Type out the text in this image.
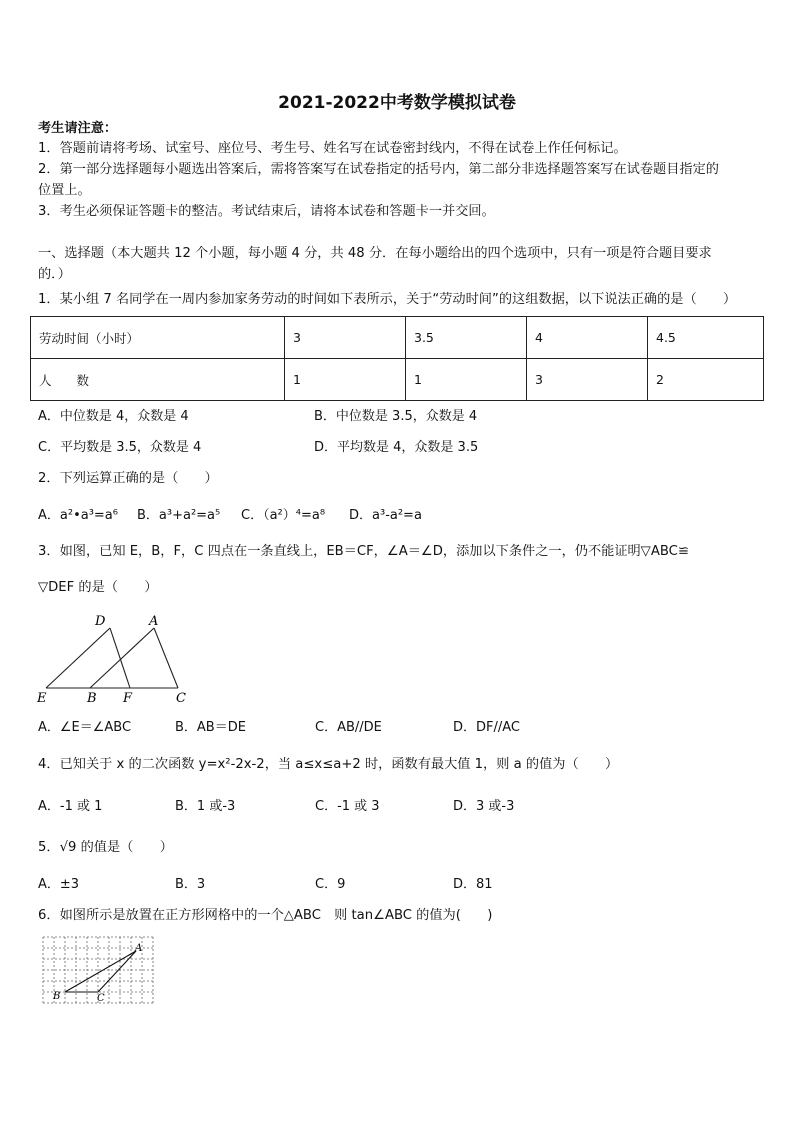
2021-2022中考数学模拟试卷
考生请注意：
1．答题前请将考场、试室号、座位号、考生号、姓名写在试卷密封线内，不得在试卷上作任何标记。
2．第一部分选择题每小题选出答案后，需将答案写在试卷指定的括号内，第二部分非选择题答案写在试卷题目指定的
位置上。
3．考生必须保证答题卡的整洁。考试结束后，请将本试卷和答题卡一并交回。
一、选择题（本大题共 12 个小题，每小题 4 分，共 48 分．在每小题给出的四个选项中，只有一项是符合题目要求
的．）
1．某小组 7 名同学在一周内参加家务劳动的时间如下表所示，关于“劳动时间”的这组数据，以下说法正确的是（　　）
劳动时间（小时）	3	3.5	4	4.5
人　　数	1	1	3	2
A．中位数是 4，众数是 4	B．中位数是 3.5，众数是 4
C．平均数是 3.5，众数是 4	D．平均数是 4，众数是 3.5
2．下列运算正确的是（　　）
A．a²•a³=a⁶ B．a³+a²=a⁵ C．（a²）⁴=a⁸ D．a³-a²=a
3．如图，已知 E，B，F，C 四点在一条直线上，EB＝CF，∠A＝∠D，添加以下条件之一，仍不能证明▽ABC≌
▽DEF 的是（　　）
D	A
E	B F	C
A．∠E＝∠ABC	B．AB＝DE	C．AB//DE	D．DF//AC
4．已知关于 x 的二次函数 y=x²-2x-2，当 a≤x≤a+2 时，函数有最大值 1，则 a 的值为（　　）
A．-1 或 1	B．1 或-3	C．-1 或 3	D．3 或-3
5．√9 的值是（　　）
A．±3	B．3	C．9	D．81
6．如图所示是放置在正方形网格中的一个△ABC　则 tan∠ABC 的值为(　　)
A
B	C
